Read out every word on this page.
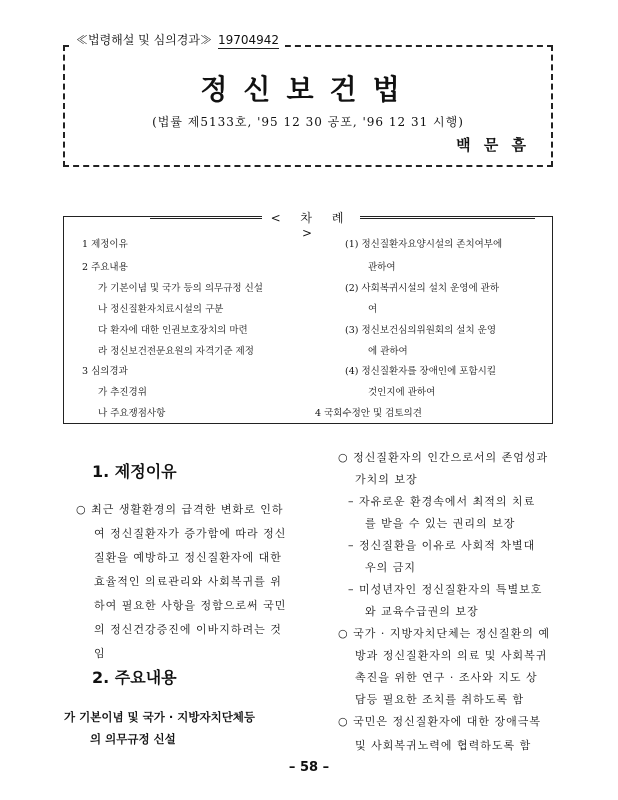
≪법령해설 및 심의경과≫ 19704942
정신보건법
(법률 제5133호, '95 12 30 공포, '96 12 31 시행)
백 문 흠
< 차 례 >
1 제정이유
2 주요내용
가 기본이념 및 국가 등의 의무규정 신설
나 정신질환자치료시설의 구분
다 환자에 대한 인권보호장치의 마련
라 정신보건전문요원의 자격기준 제정
3 심의경과
가 추진경위
나 주요쟁점사항
(1) 정신질환자요양시설의 존치여부에
관하여
(2) 사회복귀시설의 설치 운영에 관하
여
(3) 정신보건심의위원회의 설치 운영
에 관하여
(4) 정신질환자를 장애인에 포함시킬
것인지에 관하여
4 국회수정안 및 검토의견
1. 제정이유
○ 최근 생활환경의 급격한 변화로 인하
여 정신질환자가 증가함에 따라 정신
질환을 예방하고 정신질환자에 대한
효율적인 의료관리와 사회복귀를 위
하여 필요한 사항을 정함으로써 국민
의 정신건강증진에 이바지하려는 것
임
2. 주요내용
가 기본이념 및 국가 · 지방자치단체등
의 의무규정 신설
○ 정신질환자의 인간으로서의 존엄성과
가치의 보장
– 자유로운 환경속에서 최적의 치료
를 받을 수 있는 권리의 보장
– 정신질환을 이유로 사회적 차별대
우의 금지
– 미성년자인 정신질환자의 특별보호
와 교육수급권의 보장
○ 국가 · 지방자치단체는 정신질환의 예
방과 정신질환자의 의료 및 사회복귀
촉진을 위한 연구 · 조사와 지도 상
담등 필요한 조치를 취하도록 함
○ 국민은 정신질환자에 대한 장애극복
– 58 –
및 사회복귀노력에 협력하도록 함
